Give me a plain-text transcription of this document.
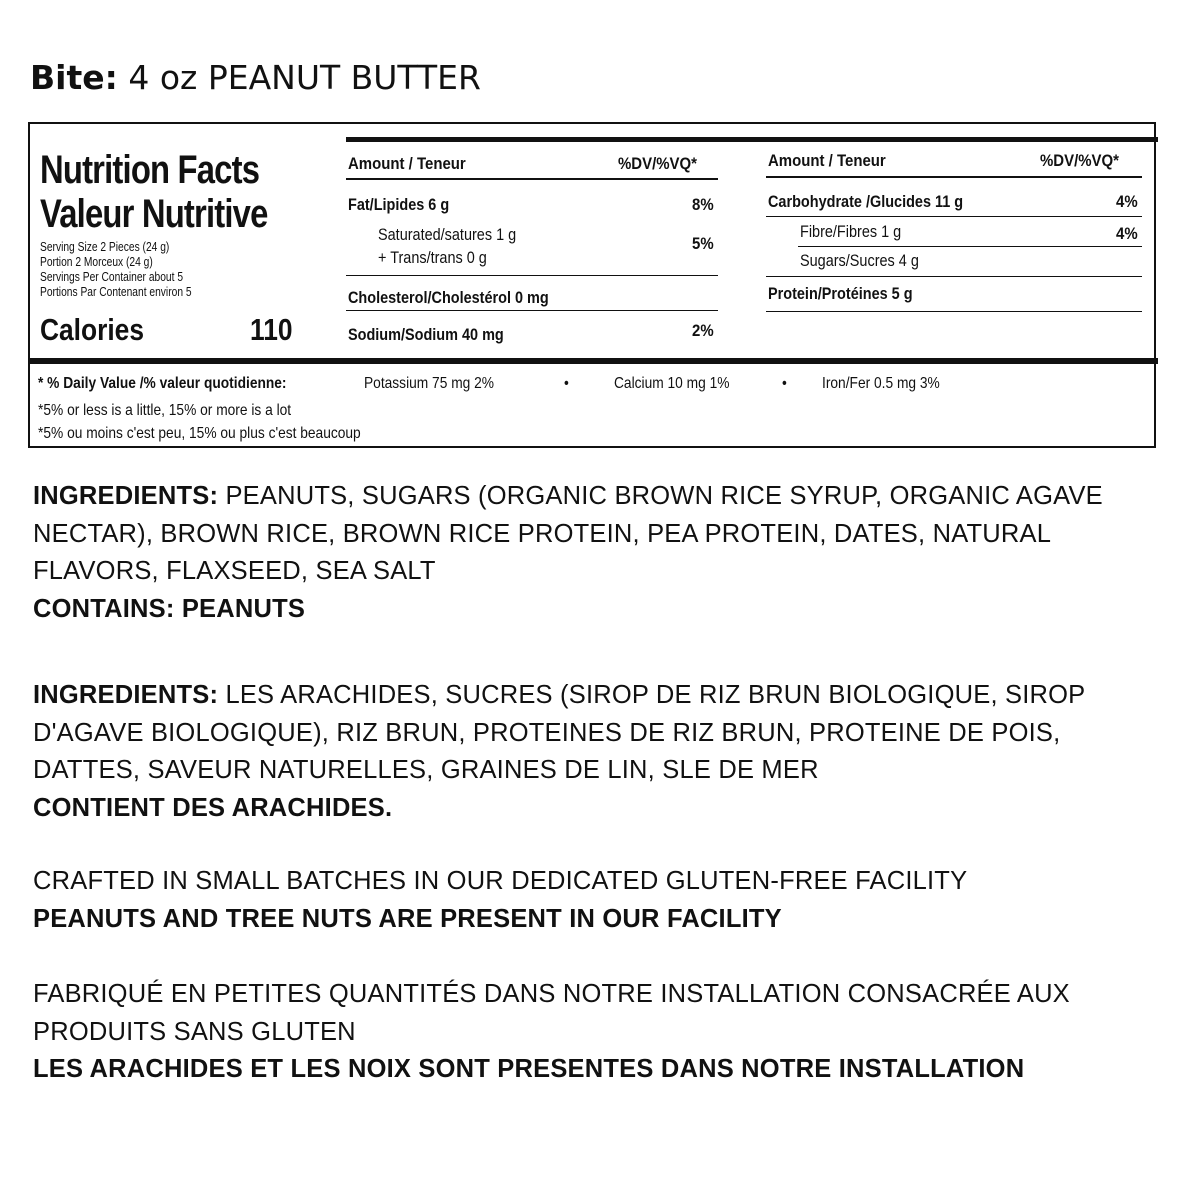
Bite: 4 oz PEANUT BUTTER
Nutrition Facts
Valeur Nutritive
Serving Size 2 Pieces (24 g)
Portion 2 Morceux (24 g)
Servings Per Container about 5
Portions Par Contenant environ 5
Calories	110
Amount / Teneur	%DV/%VQ*
Fat/Lipides 6 g	8%
Saturated/satures 1 g	5%
+ Trans/trans 0 g
Cholesterol/Cholestérol 0 mg
Sodium/Sodium 40 mg	2%
Amount / Teneur	%DV/%VQ*
Carbohydrate /Glucides 11 g	4%
Fibre/Fibres 1 g	4%
Sugars/Sucres 4 g
Protein/Protéines 5 g
* % Daily Value /% valeur quotidienne:	Potassium 75 mg 2%	•	Calcium 10 mg 1%	• Iron/Fer 0.5 mg 3%
*5% or less is a little, 15% or more is a lot
*5% ou moins c'est peu, 15% ou plus c'est beaucoup
INGREDIENTS: PEANUTS, SUGARS (ORGANIC BROWN RICE SYRUP, ORGANIC AGAVE
NECTAR), BROWN RICE, BROWN RICE PROTEIN, PEA PROTEIN, DATES, NATURAL
FLAVORS, FLAXSEED, SEA SALT
CONTAINS: PEANUTS
INGREDIENTS: LES ARACHIDES, SUCRES (SIROP DE RIZ BRUN BIOLOGIQUE, SIROP
D'AGAVE BIOLOGIQUE), RIZ BRUN, PROTEINES DE RIZ BRUN, PROTEINE DE POIS,
DATTES, SAVEUR NATURELLES, GRAINES DE LIN, SLE DE MER
CONTIENT DES ARACHIDES.
CRAFTED IN SMALL BATCHES IN OUR DEDICATED GLUTEN-FREE FACILITY
PEANUTS AND TREE NUTS ARE PRESENT IN OUR FACILITY
FABRIQUÉ EN PETITES QUANTITÉS DANS NOTRE INSTALLATION CONSACRÉE AUX
PRODUITS SANS GLUTEN
LES ARACHIDES ET LES NOIX SONT PRESENTES DANS NOTRE INSTALLATION
